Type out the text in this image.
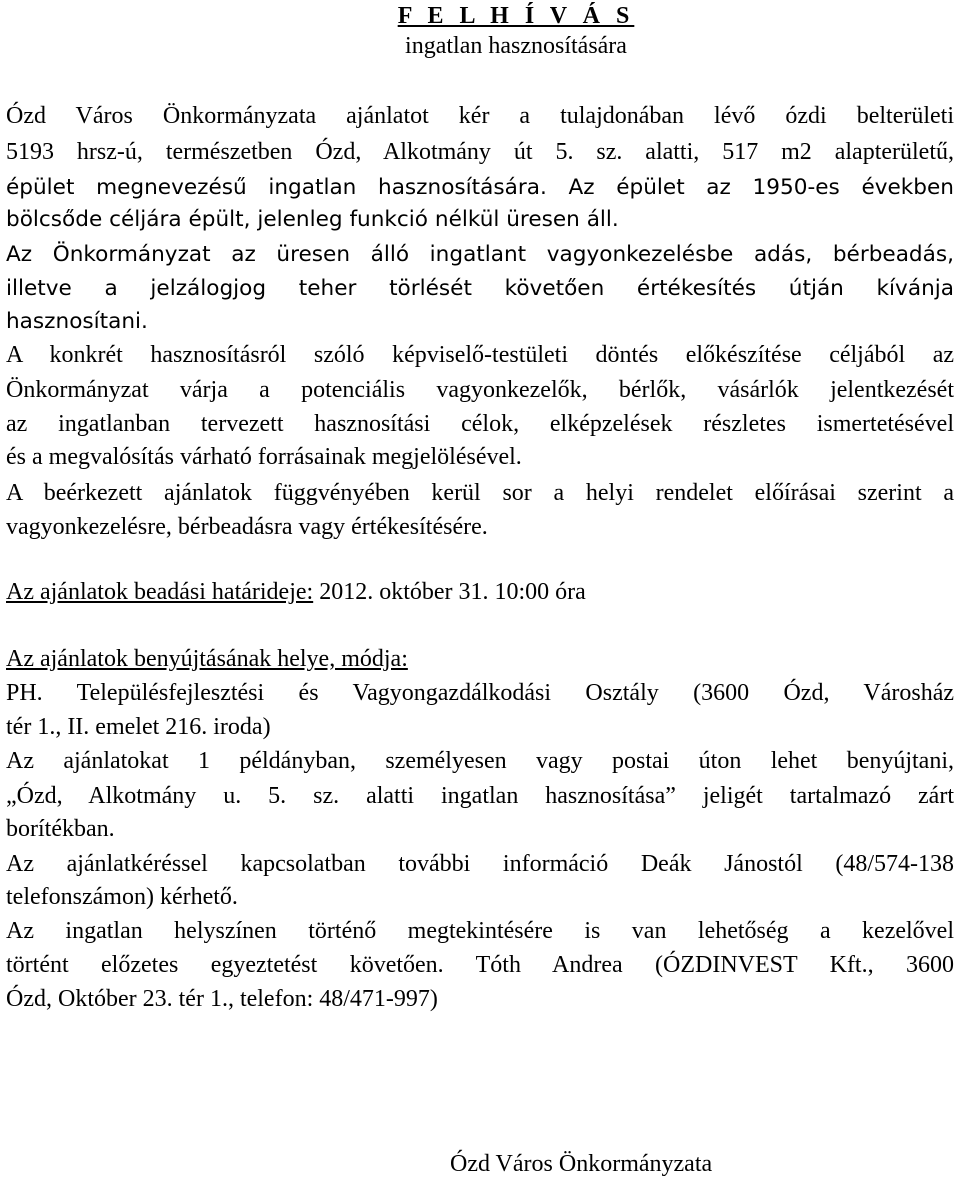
F E L H Í V Á S
ingatlan hasznosítására
Ózd Város Önkormányzata ajánlatot kér a tulajdonában lévő ózdi belterületi
5193 hrsz-ú, természetben Ózd, Alkotmány út 5. sz. alatti, 517 m2 alapterületű,
épület megnevezésű ingatlan hasznosítására. Az épület az 1950-es években
bölcsőde céljára épült, jelenleg funkció nélkül üresen áll.
Az Önkormányzat az üresen álló ingatlant vagyonkezelésbe adás, bérbeadás,
illetve a jelzálogjog teher törlését követően értékesítés útján kívánja
hasznosítani.
A konkrét hasznosításról szóló képviselő-testületi döntés előkészítése céljából az
Önkormányzat várja a potenciális vagyonkezelők, bérlők, vásárlók jelentkezését
az ingatlanban tervezett hasznosítási célok, elképzelések részletes ismertetésével
és a megvalósítás várható forrásainak megjelölésével.
A beérkezett ajánlatok függvényében kerül sor a helyi rendelet előírásai szerint a
vagyonkezelésre, bérbeadásra vagy értékesítésére.
Az ajánlatok beadási határideje: 2012. október 31. 10:00 óra
Az ajánlatok benyújtásának helye, módja:
PH. Településfejlesztési és Vagyongazdálkodási Osztály (3600 Ózd, Városház
tér 1., II. emelet 216. iroda)
Az ajánlatokat 1 példányban, személyesen vagy postai úton lehet benyújtani,
„Ózd, Alkotmány u. 5. sz. alatti ingatlan hasznosítása” jeligét tartalmazó zárt
borítékban.
Az ajánlatkéréssel kapcsolatban további információ Deák Jánostól (48/574-138
telefonszámon) kérhető.
Az ingatlan helyszínen történő megtekintésére is van lehetőség a kezelővel
történt előzetes egyeztetést követően. Tóth Andrea (ÓZDINVEST Kft., 3600
Ózd, Október 23. tér 1., telefon: 48/471-997)
Ózd Város Önkormányzata
